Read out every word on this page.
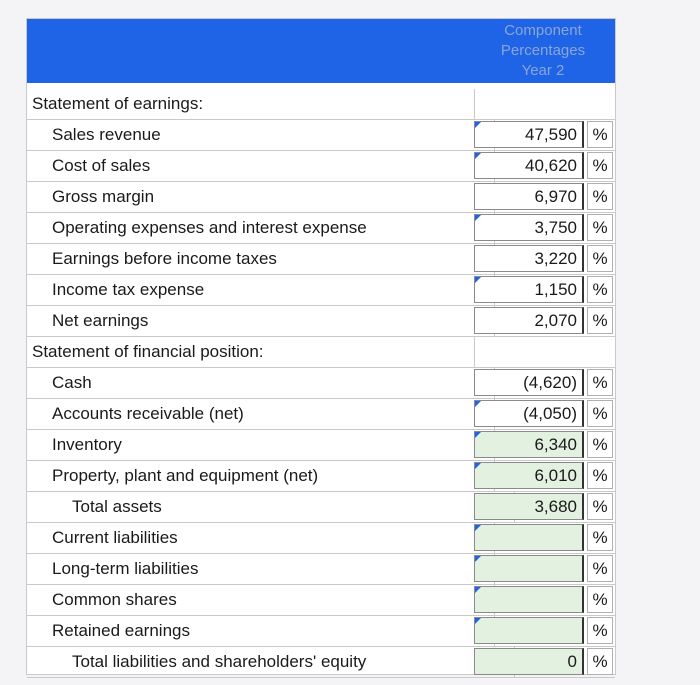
Component
Percentages
Year 2
Statement of earnings:
Sales revenue	47,590 %
Cost of sales	40,620 %
Gross margin	6,970 %
Operating expenses and interest expense	3,750 %
Earnings before income taxes	3,220 %
Income tax expense	1,150 %
Net earnings	2,070 %
Statement of financial position:
Cash	(4,620) %
Accounts receivable (net)	(4,050) %
Inventory	6,340 %
Property, plant and equipment (net)	6,010 %
Total assets	3,680 %
Current liabilities	%
Long-term liabilities	%
Common shares	%
Retained earnings	%
Total liabilities and shareholders' equity	0 %
